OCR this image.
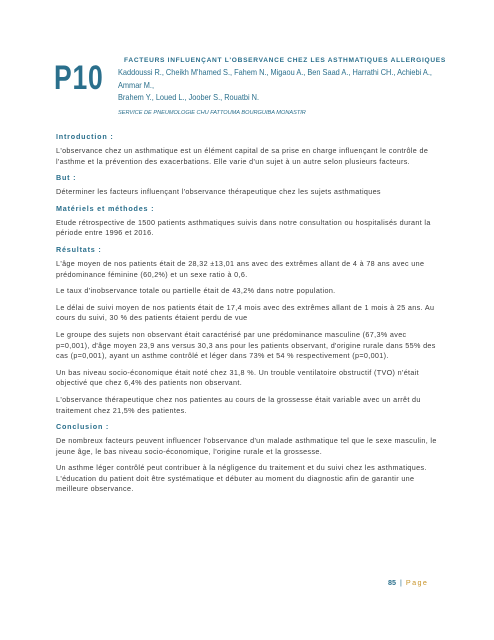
P10	FACTEURS INFLUENÇANT L'OBSERVANCE CHEZ LES ASTHMATIQUES ALLERGIQUES
Kaddoussi R., Cheikh M'hamed S., Fahem N., Migaou A., Ben Saad A., Harrathi CH., Achiebi A., Ammar M.,
Brahem Y., Loued L., Joober S., Rouatbi N.
SERVICE DE PNEUMOLOGIE CHU FATTOUMA BOURGUIBA MONASTIR
Introduction :

L'observance chez un asthmatique est un élément capital de sa prise en charge influençant le contrôle de l'asthme et la prévention des exacerbations. Elle varie d'un sujet à un autre selon plusieurs facteurs.

But :

Déterminer les facteurs influençant l'observance thérapeutique chez les sujets asthmatiques

Matériels et méthodes :

Etude rétrospective de 1500 patients asthmatiques suivis dans notre consultation ou hospitalisés durant la période entre 1996 et 2016.

Résultats :

L'âge moyen de nos patients était de 28,32 ±13,01 ans avec des extrêmes allant de 4 à 78 ans avec une prédominance féminine (60,2%) et un sexe ratio à 0,6.

Le taux d'inobservance totale ou partielle était de 43,2% dans notre population.

Le délai de suivi moyen de nos patients était de 17,4 mois avec des extrêmes allant de 1 mois à 25 ans. Au cours du suivi, 30 % des patients étaient perdu de vue

Le groupe des sujets non observant était caractérisé par une prédominance masculine (67,3% avec p=0,001), d'âge moyen 23,9 ans versus 30,3 ans pour les patients observant, d'origine rurale dans 55% des cas (p=0,001), ayant un asthme contrôlé et léger dans 73% et 54 % respectivement (p=0,001).

Un bas niveau socio-économique était noté chez 31,8 %. Un trouble ventilatoire obstructif (TVO) n'était objectivé que chez 6,4% des patients non observant.

L'observance thérapeutique chez nos patientes au cours de la grossesse était variable avec un arrêt du traitement chez 21,5% des patientes.

Conclusion :

De nombreux facteurs peuvent influencer l'observance d'un malade asthmatique tel que le sexe masculin, le jeune âge, le bas niveau socio-économique, l'origine rurale et la grossesse.

Un asthme léger contrôlé peut contribuer à la négligence du traitement et du suivi chez les asthmatiques. L'éducation du patient doit être systématique et débuter au moment du diagnostic afin de garantir une meilleure observance.

85 | Page
